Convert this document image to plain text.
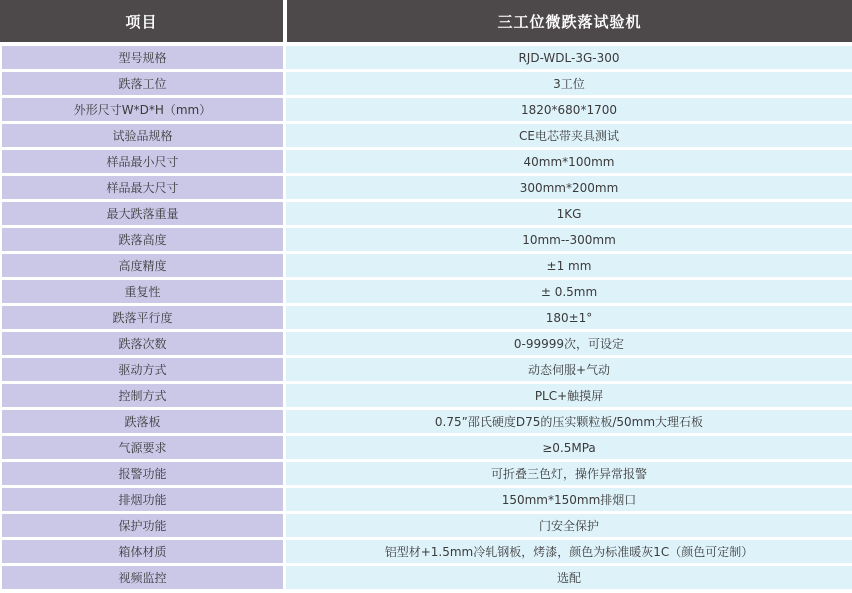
项目	三工位微跌落试验机
型号规格	RJD-WDL-3G-300
跌落工位	3工位
外形尺寸W*D*H（mm）	1820*680*1700
试验品规格	CE电芯带夹具测试
样品最小尺寸	40mm*100mm
样品最大尺寸	300mm*200mm
最大跌落重量	1KG
跌落高度	10mm--300mm
高度精度	±1 mm
重复性	± 0.5mm
跌落平行度	180±1°
跌落次数	0-99999次，可设定
驱动方式	动态伺服+气动
控制方式	PLC+触摸屏
跌落板	0.75”邵氏硬度D75的压实颗粒板/50mm大理石板
气源要求	≥0.5MPa
报警功能	可折叠三色灯，操作异常报警
排烟功能	150mm*150mm排烟口
保护功能	门安全保护
箱体材质	铝型材+1.5mm冷轧钢板，烤漆，颜色为标准暖灰1C（颜色可定制）
视频监控	选配
